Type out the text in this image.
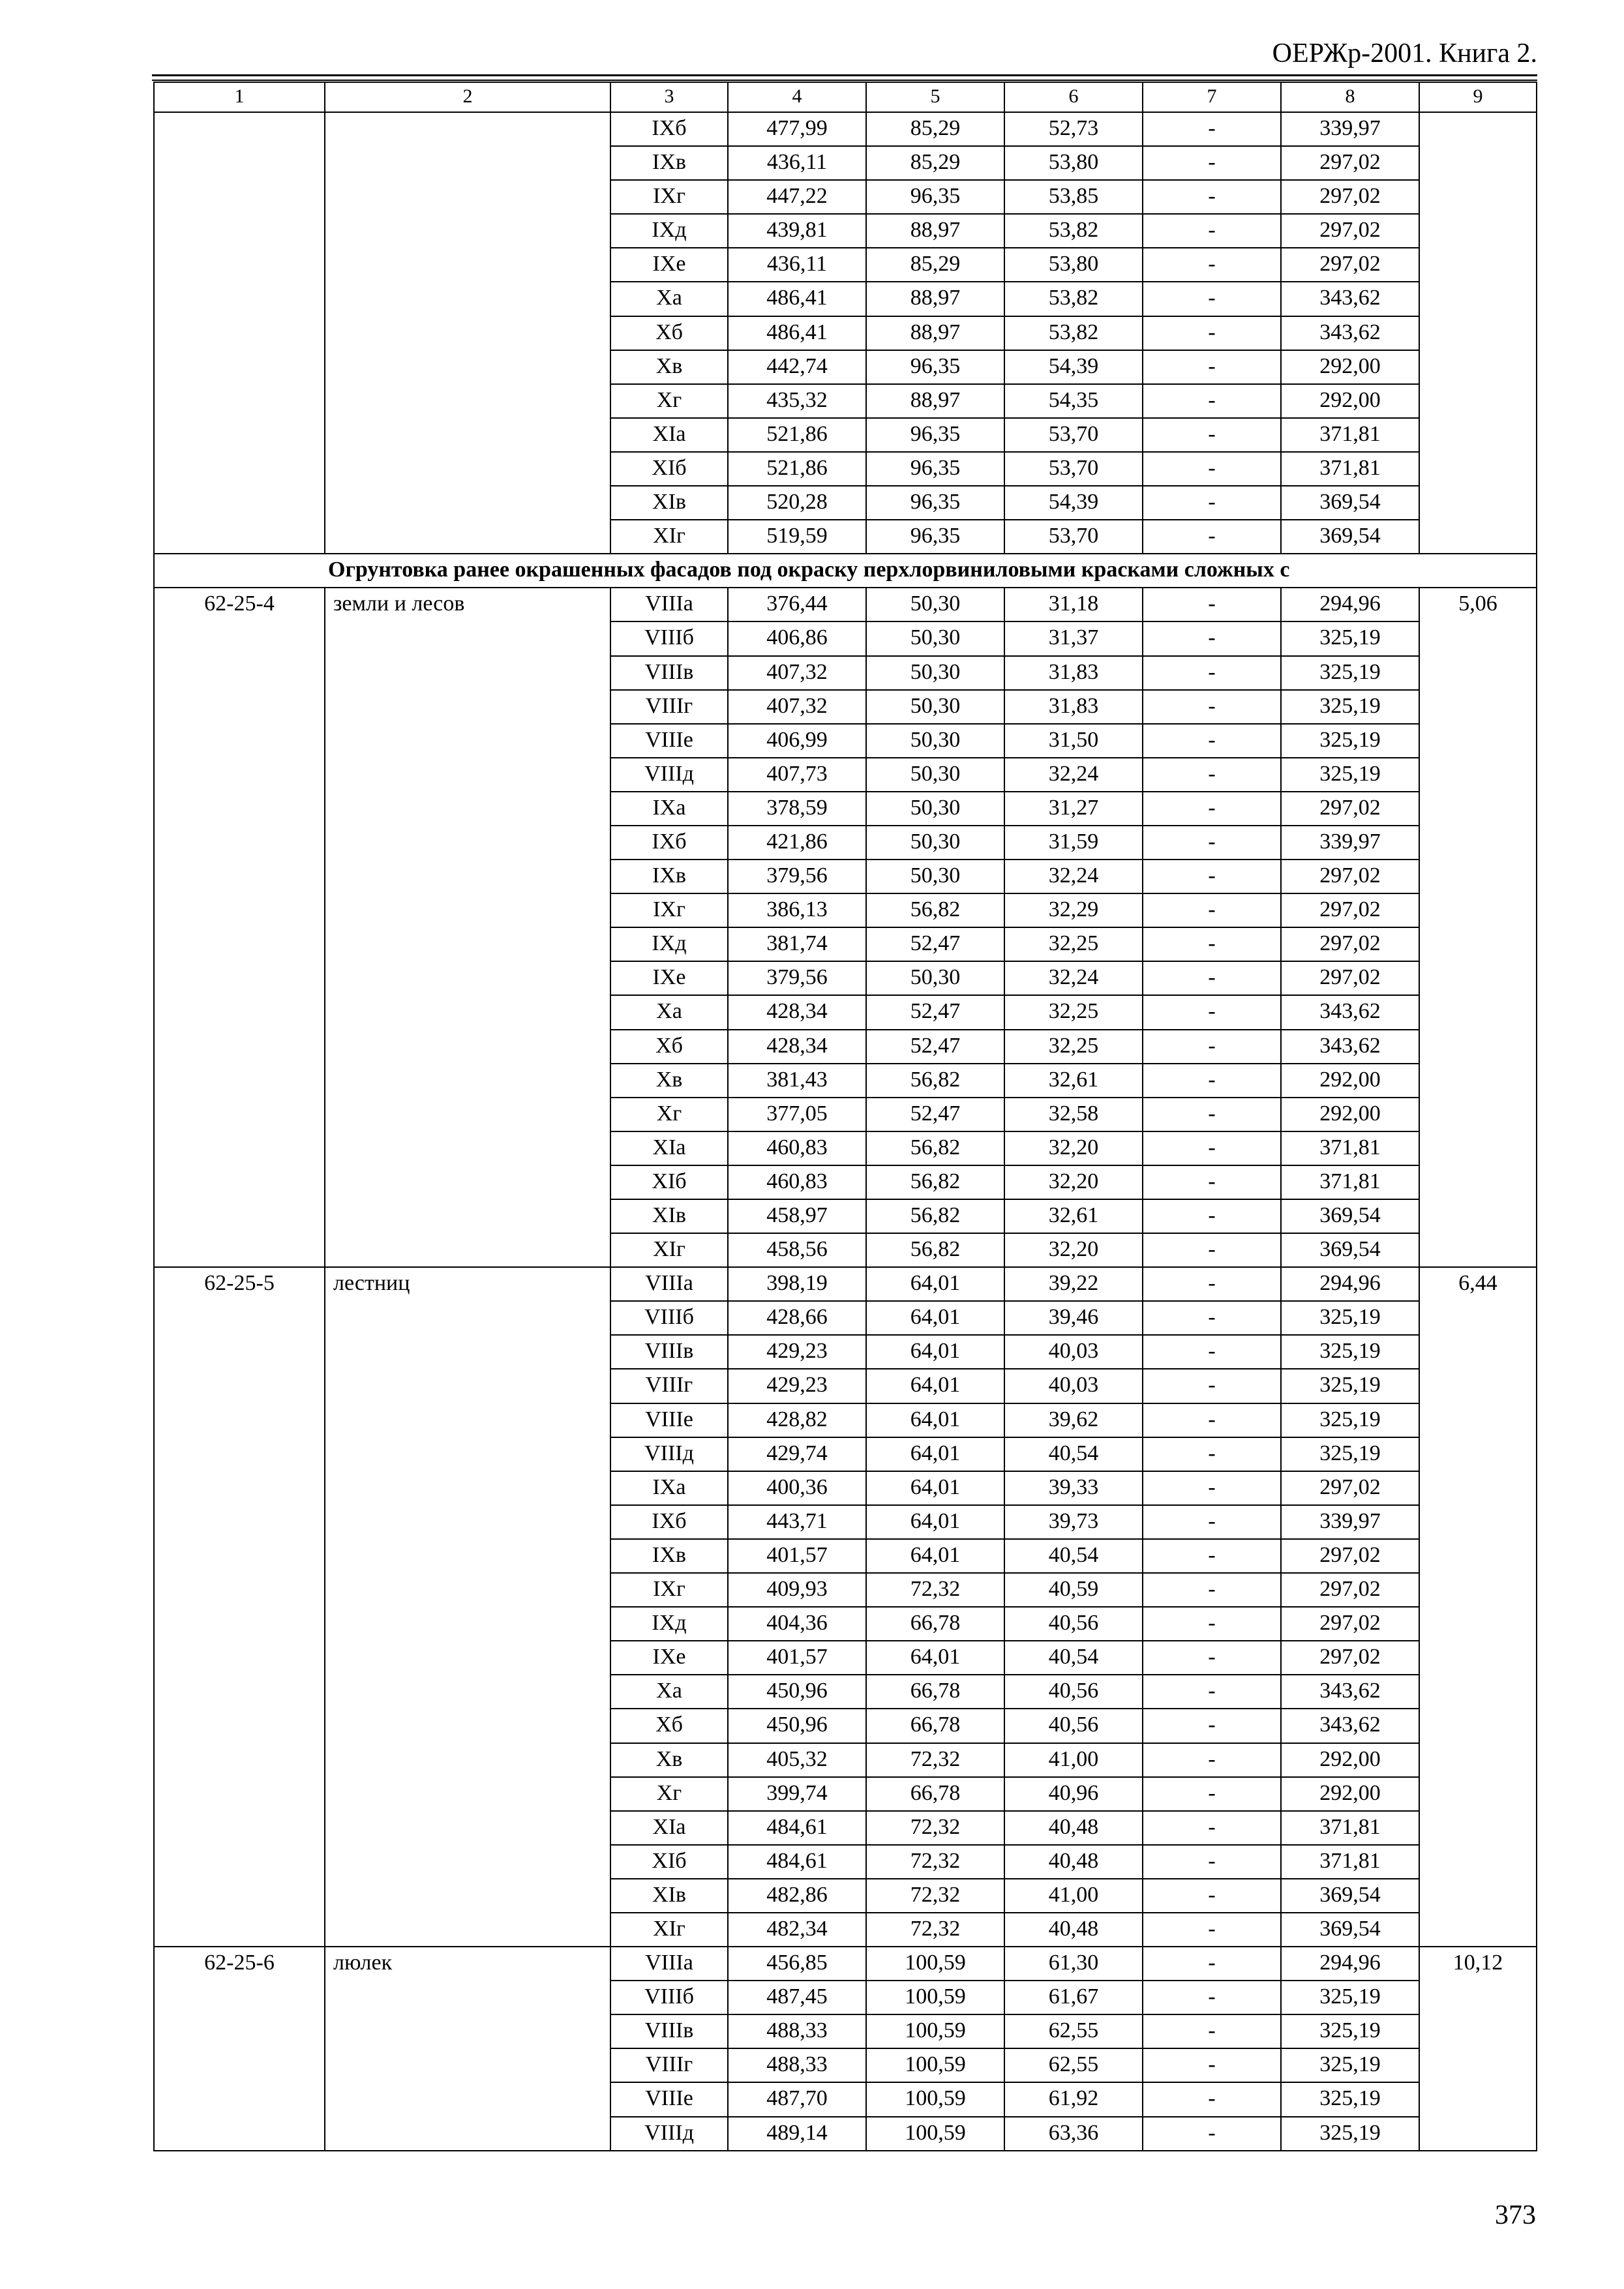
ОЕРЖр-2001. Книга 2.
1	2	3	4	5	6	7	8	9
		IXб	477,99	85,29	52,73	-	339,97	
		IXв	436,11	85,29	53,80	-	297,02	
		IXг	447,22	96,35	53,85	-	297,02	
		IXд	439,81	88,97	53,82	-	297,02	
		IXе	436,11	85,29	53,80	-	297,02	
		Xа	486,41	88,97	53,82	-	343,62	
		Xб	486,41	88,97	53,82	-	343,62	
		Xв	442,74	96,35	54,39	-	292,00	
		Xг	435,32	88,97	54,35	-	292,00	
		XIа	521,86	96,35	53,70	-	371,81	
		XIб	521,86	96,35	53,70	-	371,81	
		XIв	520,28	96,35	54,39	-	369,54	
		XIг	519,59	96,35	53,70	-	369,54	
Огрунтовка ранее окрашенных фасадов под окраску перхлорвиниловыми красками сложных с								
62-25-4	земли и лесов	VIIIа	376,44	50,30	31,18	-	294,96	5,06
		VIIIб	406,86	50,30	31,37	-	325,19	
		VIIIв	407,32	50,30	31,83	-	325,19	
		VIIIг	407,32	50,30	31,83	-	325,19	
		VIIIе	406,99	50,30	31,50	-	325,19	
		VIIIд	407,73	50,30	32,24	-	325,19	
		IXа	378,59	50,30	31,27	-	297,02	
		IXб	421,86	50,30	31,59	-	339,97	
		IXв	379,56	50,30	32,24	-	297,02	
		IXг	386,13	56,82	32,29	-	297,02	
		IXд	381,74	52,47	32,25	-	297,02	
		IXе	379,56	50,30	32,24	-	297,02	
		Xа	428,34	52,47	32,25	-	343,62	
		Xб	428,34	52,47	32,25	-	343,62	
		Xв	381,43	56,82	32,61	-	292,00	
		Xг	377,05	52,47	32,58	-	292,00	
		XIа	460,83	56,82	32,20	-	371,81	
		XIб	460,83	56,82	32,20	-	371,81	
		XIв	458,97	56,82	32,61	-	369,54	
		XIг	458,56	56,82	32,20	-	369,54	
62-25-5	лестниц	VIIIа	398,19	64,01	39,22	-	294,96	6,44
		VIIIб	428,66	64,01	39,46	-	325,19	
		VIIIв	429,23	64,01	40,03	-	325,19	
		VIIIг	429,23	64,01	40,03	-	325,19	
		VIIIе	428,82	64,01	39,62	-	325,19	
		VIIIд	429,74	64,01	40,54	-	325,19	
		IXа	400,36	64,01	39,33	-	297,02	
		IXб	443,71	64,01	39,73	-	339,97	
		IXв	401,57	64,01	40,54	-	297,02	
		IXг	409,93	72,32	40,59	-	297,02	
		IXд	404,36	66,78	40,56	-	297,02	
		IXе	401,57	64,01	40,54	-	297,02	
		Xа	450,96	66,78	40,56	-	343,62	
		Xб	450,96	66,78	40,56	-	343,62	
		Xв	405,32	72,32	41,00	-	292,00	
		Xг	399,74	66,78	40,96	-	292,00	
		XIа	484,61	72,32	40,48	-	371,81	
		XIб	484,61	72,32	40,48	-	371,81	
		XIв	482,86	72,32	41,00	-	369,54	
		XIг	482,34	72,32	40,48	-	369,54	
62-25-6	люлек	VIIIа	456,85	100,59	61,30	-	294,96	10,12
		VIIIб	487,45	100,59	61,67	-	325,19	
		VIIIв	488,33	100,59	62,55	-	325,19	
		VIIIг	488,33	100,59	62,55	-	325,19	
		VIIIе	487,70	100,59	61,92	-	325,19	
		VIIIд	489,14	100,59	63,36	-	325,19	
373
